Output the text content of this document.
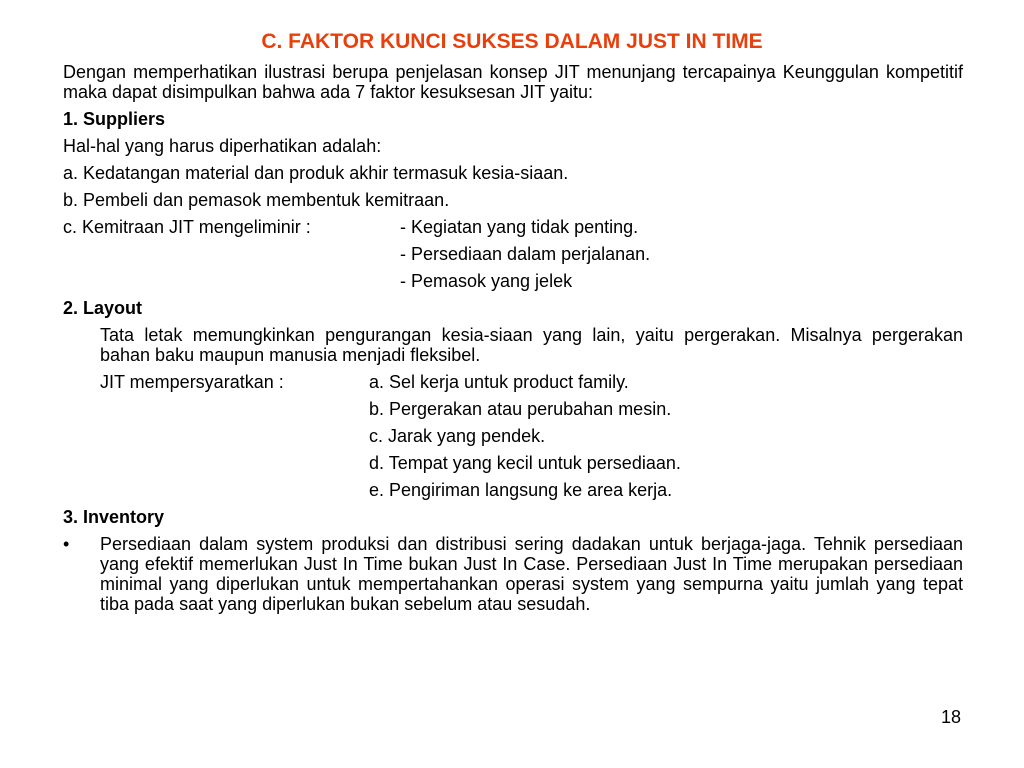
C. FAKTOR KUNCI SUKSES DALAM JUST IN TIME

Dengan memperhatikan ilustrasi berupa penjelasan konsep JIT menunjang tercapainya Keunggulan kompetitif maka dapat disimpulkan bahwa ada 7 faktor kesuksesan JIT yaitu:

1. Suppliers
Hal-hal yang harus diperhatikan adalah:
a. Kedatangan material dan produk akhir termasuk kesia-siaan.
b. Pembeli dan pemasok membentuk kemitraan.
c. Kemitraan JIT mengeliminir :	- Kegiatan yang tidak penting.
- Persediaan dalam perjalanan.
- Pemasok yang jelek
2. Layout

Tata letak memungkinkan pengurangan kesia-siaan yang lain, yaitu pergerakan. Misalnya pergerakan bahan baku maupun manusia menjadi fleksibel.

JIT mempersyaratkan :	a. Sel kerja untuk product family.
b. Pergerakan atau perubahan mesin.
c. Jarak yang pendek.
d. Tempat yang kecil untuk persediaan.
e. Pengiriman langsung ke area kerja.
3. Inventory
•	Persediaan dalam system produksi dan distribusi sering dadakan untuk berjaga-jaga. Tehnik persediaan yang efektif memerlukan Just In Time bukan Just In Case. Persediaan Just In Time merupakan persediaan minimal yang diperlukan untuk mempertahankan operasi system yang sempurna yaitu jumlah yang tepat tiba pada saat yang diperlukan bukan sebelum atau sesudah.
18
